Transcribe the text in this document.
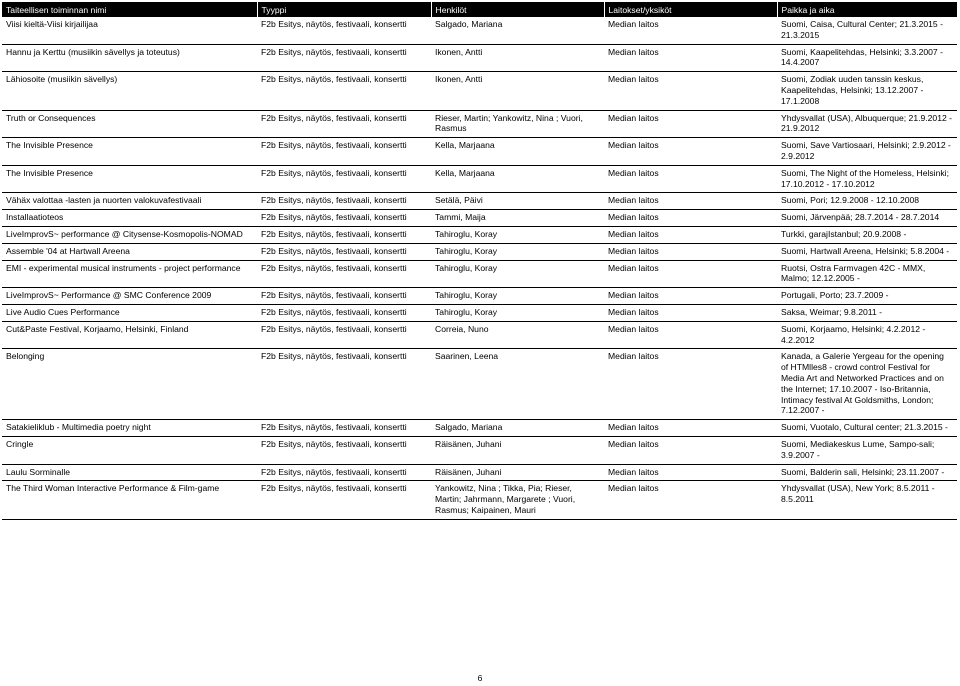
Taiteellisen toiminnan nimi	Tyyppi	Henkilöt	Laitokset/yksiköt	Paikka ja aika
Viisi kieltä-Viisi kirjailijaa	F2b Esitys, näytös, festivaali, konsertti	Salgado, Mariana	Median laitos	Suomi, Caisa, Cultural Center; 21.3.2015 - 21.3.2015
Hannu ja Kerttu (musiikin sävellys ja toteutus)	F2b Esitys, näytös, festivaali, konsertti	Ikonen, Antti	Median laitos	Suomi, Kaapelitehdas, Helsinki; 3.3.2007 - 14.4.2007
Lähiosoite (musiikin sävellys)	F2b Esitys, näytös, festivaali, konsertti	Ikonen, Antti	Median laitos	Suomi, Zodiak uuden tanssin keskus, Kaapelitehdas, Helsinki; 13.12.2007 - 17.1.2008
Truth or Consequences	F2b Esitys, näytös, festivaali, konsertti	Rieser, Martin; Yankowitz, Nina ; Vuori, Rasmus	Median laitos	Yhdysvallat (USA), Albuquerque; 21.9.2012 - 21.9.2012
The Invisible Presence	F2b Esitys, näytös, festivaali, konsertti	Kella, Marjaana	Median laitos	Suomi, Save Vartiosaari, Helsinki; 2.9.2012 - 2.9.2012
The Invisible Presence	F2b Esitys, näytös, festivaali, konsertti	Kella, Marjaana	Median laitos	Suomi, The Night of the Homeless, Helsinki; 17.10.2012 - 17.10.2012
Vähäx valottaa -lasten ja nuorten valokuvafestivaali	F2b Esitys, näytös, festivaali, konsertti	Setälä, Päivi	Median laitos	Suomi, Pori; 12.9.2008 - 12.10.2008
Installaatioteos	F2b Esitys, näytös, festivaali, konsertti	Tammi, Maija	Median laitos	Suomi, Järvenpää; 28.7.2014 - 28.7.2014
LiveImprovS~ performance @ Citysense-Kosmopolis-NOMAD	F2b Esitys, näytös, festivaali, konsertti	Tahiroglu, Koray	Median laitos	Turkki, garajIstanbul; 20.9.2008 -
Assemble '04 at Hartwall Areena	F2b Esitys, näytös, festivaali, konsertti	Tahiroglu, Koray	Median laitos	Suomi, Hartwall Areena, Helsinki; 5.8.2004 -
EMI - experimental musical instruments - project performance	F2b Esitys, näytös, festivaali, konsertti	Tahiroglu, Koray	Median laitos	Ruotsi, Ostra Farmvagen 42C - MMX, Malmo; 12.12.2005 -
LiveImprovS~ Performance @ SMC Conference 2009	F2b Esitys, näytös, festivaali, konsertti	Tahiroglu, Koray	Median laitos	Portugali, Porto; 23.7.2009 -
Live Audio Cues Performance	F2b Esitys, näytös, festivaali, konsertti	Tahiroglu, Koray	Median laitos	Saksa, Weimar; 9.8.2011 -
Cut&Paste Festival, Korjaamo, Helsinki, Finland	F2b Esitys, näytös, festivaali, konsertti	Correia, Nuno	Median laitos	Suomi, Korjaamo, Helsinki; 4.2.2012 - 4.2.2012
Belonging	F2b Esitys, näytös, festivaali, konsertti	Saarinen, Leena	Median laitos	Kanada, a Galerie Yergeau for the opening of HTMlles8 - crowd control Festival for Media Art and Networked Practices and on the Internet; 17.10.2007 - Iso-Britannia, Intimacy festival At Goldsmiths, London; 7.12.2007 -
Satakieliklub - Multimedia poetry night	F2b Esitys, näytös, festivaali, konsertti	Salgado, Mariana	Median laitos	Suomi, Vuotalo, Cultural center; 21.3.2015 -
Cringle	F2b Esitys, näytös, festivaali, konsertti	Räisänen, Juhani	Median laitos	Suomi, Mediakeskus Lume, Sampo-sali; 3.9.2007 -
Laulu Sorminalle	F2b Esitys, näytös, festivaali, konsertti	Räisänen, Juhani	Median laitos	Suomi, Balderin sali, Helsinki; 23.11.2007 -
The Third Woman Interactive Performance & Film-game	F2b Esitys, näytös, festivaali, konsertti	Yankowitz, Nina ; Tikka, Pia; Rieser, Martin; Jahrmann, Margarete ; Vuori, Rasmus; Kaipainen, Mauri	Median laitos	Yhdysvallat (USA), New York; 8.5.2011 - 8.5.2011
6
